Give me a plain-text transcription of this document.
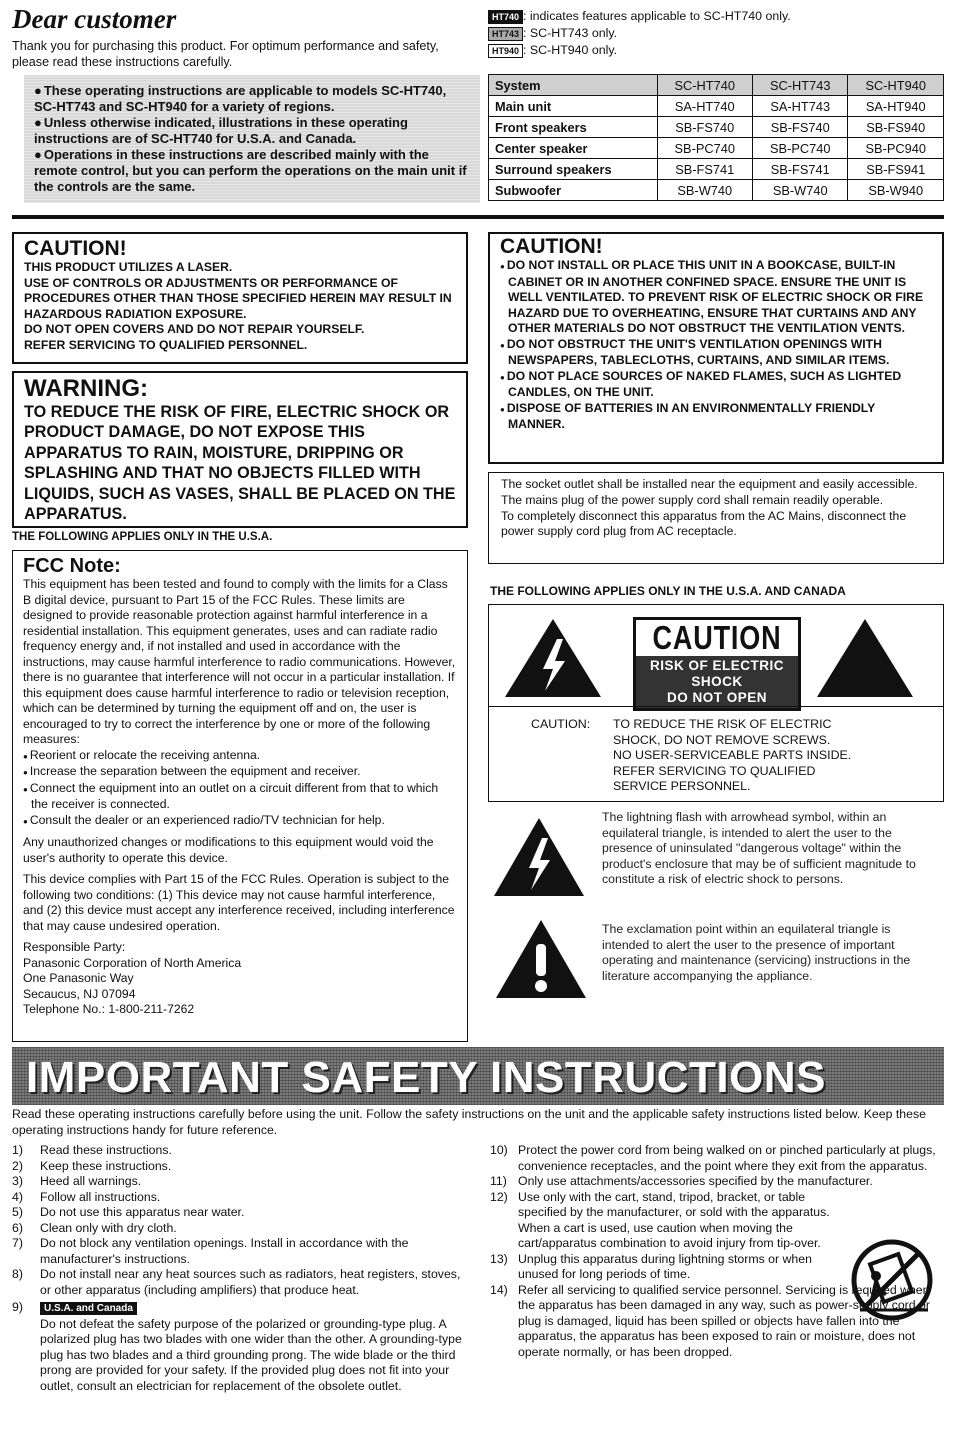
Dear customer
Thank you for purchasing this product. For optimum performance and safety, please read these instructions carefully.
● These operating instructions are applicable to models SC-HT740, SC-HT743 and SC-HT940 for a variety of regions.
● Unless otherwise indicated, illustrations in these operating instructions are of SC-HT740 for U.S.A. and Canada.
● Operations in these instructions are described mainly with the remote control, but you can perform the operations on the main unit if the controls are the same.
HT740 : indicates features applicable to SC-HT740 only.
HT743 : SC-HT743 only.
HT940 : SC-HT940 only.
System	SC-HT740	SC-HT743	SC-HT940
Main unit	SA-HT740	SA-HT743	SA-HT940
Front speakers	SB-FS740	SB-FS740	SB-FS940
Center speaker	SB-PC740	SB-PC740	SB-PC940
Surround speakers	SB-FS741	SB-FS741	SB-FS941
Subwoofer	SB-W740	SB-W740	SB-W940
CAUTION!

THIS PRODUCT UTILIZES A LASER.

USE OF CONTROLS OR ADJUSTMENTS OR PERFORMANCE OF PROCEDURES OTHER THAN THOSE SPECIFIED HEREIN MAY RESULT IN HAZARDOUS RADIATION EXPOSURE.

DO NOT OPEN COVERS AND DO NOT REPAIR YOURSELF.

REFER SERVICING TO QUALIFIED PERSONNEL.

WARNING:
TO REDUCE THE RISK OF FIRE, ELECTRIC SHOCK OR PRODUCT DAMAGE, DO NOT EXPOSE THIS APPARATUS TO RAIN, MOISTURE, DRIPPING OR SPLASHING AND THAT NO OBJECTS FILLED WITH LIQUIDS, SUCH AS VASES, SHALL BE PLACED ON THE APPARATUS.
THE FOLLOWING APPLIES ONLY IN THE U.S.A.
FCC Note:

This equipment has been tested and found to comply with the limits for a Class B digital device, pursuant to Part 15 of the FCC Rules. These limits are designed to provide reasonable protection against harmful interference in a residential installation. This equipment generates, uses and can radiate radio frequency energy and, if not installed and used in accordance with the instructions, may cause harmful interference to radio communications. However, there is no guarantee that interference will not occur in a particular installation. If this equipment does cause harmful interference to radio or television reception, which can be determined by turning the equipment off and on, the user is encouraged to try to correct the interference by one or more of the following measures:

● Reorient or relocate the receiving antenna.
● Increase the separation between the equipment and receiver.
● Connect the equipment into an outlet on a circuit different from that to which the receiver is connected.
● Consult the dealer or an experienced radio/TV technician for help.

Any unauthorized changes or modifications to this equipment would void the user's authority to operate this device.

This device complies with Part 15 of the FCC Rules. Operation is subject to the following two conditions: (1) This device may not cause harmful interference, and (2) this device must accept any interference received, including interference that may cause undesired operation.

Responsible Party:
Panasonic Corporation of North America
One Panasonic Way
Secaucus, NJ 07094
Telephone No.: 1-800-211-7262
CAUTION!
● DO NOT INSTALL OR PLACE THIS UNIT IN A BOOKCASE, BUILT-IN CABINET OR IN ANOTHER CONFINED SPACE. ENSURE THE UNIT IS WELL VENTILATED. TO PREVENT RISK OF ELECTRIC SHOCK OR FIRE HAZARD DUE TO OVERHEATING, ENSURE THAT CURTAINS AND ANY OTHER MATERIALS DO NOT OBSTRUCT THE VENTILATION VENTS.
● DO NOT OBSTRUCT THE UNIT'S VENTILATION OPENINGS WITH NEWSPAPERS, TABLECLOTHS, CURTAINS, AND SIMILAR ITEMS.
● DO NOT PLACE SOURCES OF NAKED FLAMES, SUCH AS LIGHTED CANDLES, ON THE UNIT.
● DISPOSE OF BATTERIES IN AN ENVIRONMENTALLY FRIENDLY MANNER.
The socket outlet shall be installed near the equipment and easily accessible. The mains plug of the power supply cord shall remain readily operable.
To completely disconnect this apparatus from the AC Mains, disconnect the power supply cord plug from AC receptacle.
THE FOLLOWING APPLIES ONLY IN THE U.S.A. AND CANADA
CAUTION
RISK OF ELECTRIC SHOCK
DO NOT OPEN
CAUTION: TO REDUCE THE RISK OF ELECTRIC
SHOCK, DO NOT REMOVE SCREWS.
NO USER-SERVICEABLE PARTS INSIDE.
REFER SERVICING TO QUALIFIED
SERVICE PERSONNEL.
The lightning flash with arrowhead symbol, within an equilateral triangle, is intended to alert the user to the presence of uninsulated "dangerous voltage" within the product's enclosure that may be of sufficient magnitude to constitute a risk of electric shock to persons.
The exclamation point within an equilateral triangle is intended to alert the user to the presence of important operating and maintenance (servicing) instructions in the literature accompanying the appliance.
IMPORTANT SAFETY INSTRUCTIONS
Read these operating instructions carefully before using the unit. Follow the safety instructions on the unit and the applicable safety instructions listed below. Keep these operating instructions handy for future reference.
1) Read these instructions.
2) Keep these instructions.
3) Heed all warnings.
4) Follow all instructions.
5) Do not use this apparatus near water.
6) Clean only with dry cloth.
7) Do not block any ventilation openings. Install in accordance with the manufacturer's instructions.
8) Do not install near any heat sources such as radiators, heat registers, stoves, or other apparatus (including amplifiers) that produce heat.
9) U.S.A. and Canada
Do not defeat the safety purpose of the polarized or grounding-type plug. A polarized plug has two blades with one wider than the other. A grounding-type plug has two blades and a third grounding prong. The wide blade or the third prong are provided for your safety. If the provided plug does not fit into your outlet, consult an electrician for replacement of the obsolete outlet.
10) Protect the power cord from being walked on or pinched particularly at plugs, convenience receptacles, and the point where they exit from the apparatus.
11) Only use attachments/accessories specified by the manufacturer.
12) Use only with the cart, stand, tripod, bracket, or table specified by the manufacturer, or sold with the apparatus. When a cart is used, use caution when moving the cart/apparatus combination to avoid injury from tip-over.
13) Unplug this apparatus during lightning storms or when unused for long periods of time.
14) Refer all servicing to qualified service personnel. Servicing is required when the apparatus has been damaged in any way, such as power-supply cord or plug is damaged, liquid has been spilled or objects have fallen into the apparatus, the apparatus has been exposed to rain or moisture, does not operate normally, or has been dropped.
